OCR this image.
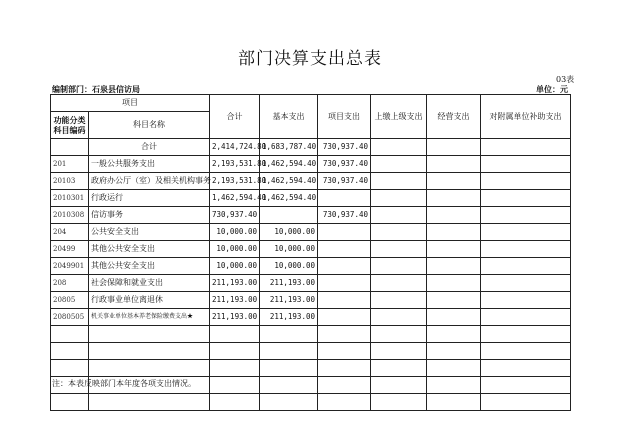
部门决算支出总表
03表
编制部门：石泉县信访局	单位：元
项目		合计	基本支出	项目支出	上缴上级支出	经营支出	对附属单位补助支出
功能分类科目编码	科目名称						
	合计	2,414,724.80	1,683,787.40	730,937.40			
201	一般公共服务支出	2,193,531.80	1,462,594.40	730,937.40			
20103	政府办公厅（室）及相关机构事务	2,193,531.80	1,462,594.40	730,937.40			
2010301	行政运行	1,462,594.40	1,462,594.40				
2010308	信访事务	730,937.40		730,937.40			
204	公共安全支出	10,000.00	10,000.00				
20499	其他公共安全支出	10,000.00	10,000.00				
2049901	其他公共安全支出	10,000.00	10,000.00				
208	社会保障和就业支出	211,193.00	211,193.00				
20805	行政事业单位离退休	211,193.00	211,193.00				
2080505	机关事业单位基本养老保险缴费支出★	211,193.00	211,193.00				

注：本表反映部门本年度各项支出情况。
